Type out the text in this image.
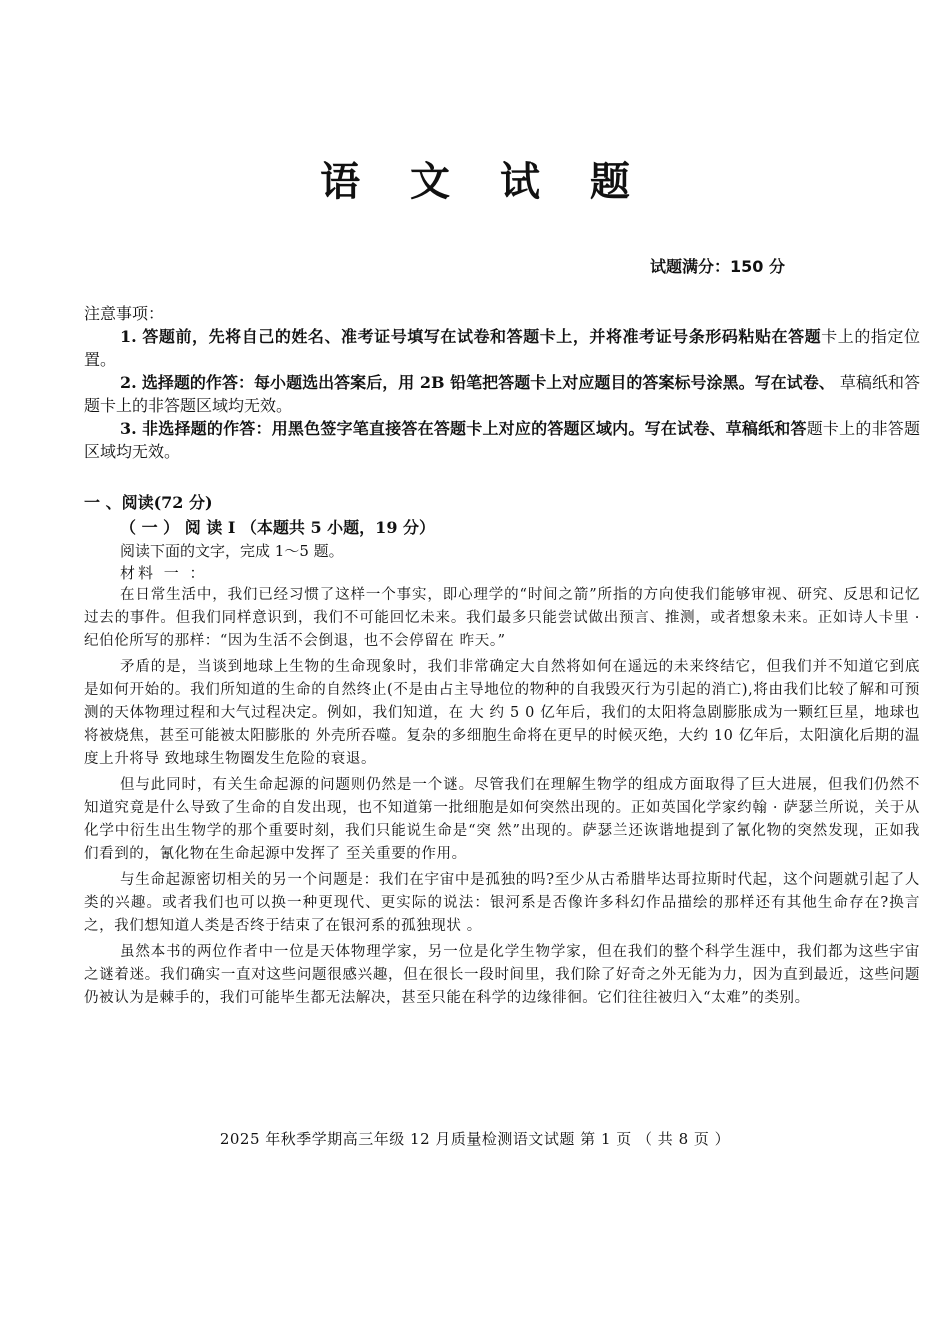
语 文 试 题
试题满分：150 分
注意事项：
1. 答题前，先将自己的姓名、准考证号填写在试卷和答题卡上，并将准考证号条形码粘贴在答题卡上的指定位置。
2. 选择题的作答：每小题选出答案后，用 2B 铅笔把答题卡上对应题目的答案标号涂黑。写在试卷、 草稿纸和答题卡上的非答题区域均无效。
3. 非选择题的作答：用黑色签字笔直接答在答题卡上对应的答题区域内。写在试卷、草稿纸和答题卡上的非答题区域均无效。
一 、阅读(72 分)
（ 一 ） 阅 读 I （本题共 5 小题，19 分）
阅读下面的文字，完成 1～5 题。
材料 一 ：

在日常生活中，我们已经习惯了这样一个事实，即心理学的“时间之箭”所指的方向使我们能够审视、研究、反思和记忆过去的事件。但我们同样意识到，我们不可能回忆未来。我们最多只能尝试做出预言、推测，或者想象未来。正如诗人卡里 · 纪伯伦所写的那样：“因为生活不会倒退，也不会停留在 昨天。”

矛盾的是，当谈到地球上生物的生命现象时，我们非常确定大自然将如何在遥远的未来终结它，但我们并不知道它到底是如何开始的。我们所知道的生命的自然终止(不是由占主导地位的物种的自我毁灭行为引起的消亡),将由我们比较了解和可预测的天体物理过程和大气过程决定。例如，我们知道，在 大 约 5 0 亿年后，我们的太阳将急剧膨胀成为一颗红巨星，地球也将被烧焦，甚至可能被太阳膨胀的 外壳所吞噬。复杂的多细胞生命将在更早的时候灭绝，大约 10 亿年后，太阳演化后期的温度上升将导 致地球生物圈发生危险的衰退。

但与此同时，有关生命起源的问题则仍然是一个谜。尽管我们在理解生物学的组成方面取得了巨大进展，但我们仍然不知道究竟是什么导致了生命的自发出现，也不知道第一批细胞是如何突然出现的。正如英国化学家约翰 · 萨瑟兰所说，关于从化学中衍生出生物学的那个重要时刻，我们只能说生命是“突 然”出现的。萨瑟兰还诙谐地提到了氰化物的突然发现，正如我们看到的，氰化物在生命起源中发挥了 至关重要的作用。

与生命起源密切相关的另一个问题是：我们在宇宙中是孤独的吗?至少从古希腊毕达哥拉斯时代起，这个问题就引起了人类的兴趣。或者我们也可以换一种更现代、更实际的说法：银河系是否像许多科幻作品描绘的那样还有其他生命存在?换言之，我们想知道人类是否终于结束了在银河系的孤独现状 。

虽然本书的两位作者中一位是天体物理学家，另一位是化学生物学家，但在我们的整个科学生涯中，我们都为这些宇宙之谜着迷。我们确实一直对这些问题很感兴趣，但在很长一段时间里，我们除了好奇之外无能为力，因为直到最近，这些问题仍被认为是棘手的，我们可能毕生都无法解决，甚至只能在科学的边缘徘徊。它们往往被归入“太难”的类别。

2025 年秋季学期高三年级 12 月质量检测语文试题 第 1 页 （ 共 8 页 ）
